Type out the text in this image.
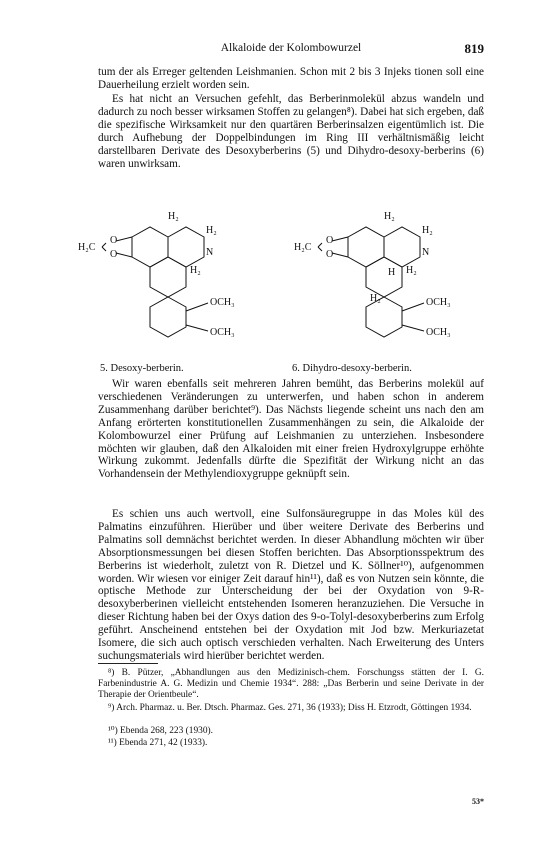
Alkaloide der Kolombowurzel	819

tum der als Erreger geltenden Leishmanien. Schon mit 2 bis 3 Injeks tionen soll eine Dauerheilung erzielt worden sein.

Es hat nicht an Versuchen gefehlt, das Berberinmolekül abzus wandeln und dadurch zu noch besser wirksamen Stoffen zu gelangen⁸). Dabei hat sich ergeben, daß die spezifische Wirksamkeit nur den quartären Berberinsalzen eigentümlich ist. Die durch Aufhebung der Doppelbindungen im Ring III verhältnismäßig leicht darstellbaren Derivate des Desoxyberberins (5) und Dihydro-desoxy-berberins (6) waren unwirksam.

O
O
H₂C
H₂
H₂
N
H₂
OCH₃
OCH₃
5. Desoxy-berberin.
O
O
H₂C
H₂
H₂
N
H H₂
H₂	OCH₃
OCH₃
6. Dihydro-desoxy-berberin.

Wir waren ebenfalls seit mehreren Jahren bemüht, das Berberins molekül auf verschiedenen Veränderungen zu unterwerfen, und haben schon in anderem Zusammenhang darüber berichtet⁹). Das Nächsts liegende scheint uns nach den am Anfang erörterten konstitutionellen Zusammenhängen zu sein, die Alkaloide der Kolombowurzel einer Prüfung auf Leishmanien zu unterziehen. Insbesondere möchten wir glauben, daß den Alkaloiden mit einer freien Hydroxylgruppe erhöhte Wirkung zukommt. Jedenfalls dürfte die Spezifität der Wirkung nicht an das Vorhandensein der Methylendioxygruppe geknüpft sein.

Es schien uns auch wertvoll, eine Sulfonsäuregruppe in das Moles kül des Palmatins einzuführen. Hierüber und über weitere Derivate des Berberins und Palmatins soll demnächst berichtet werden. In dieser Abhandlung möchten wir über Absorptionsmessungen bei diesen Stoffen berichten. Das Absorptionsspektrum des Berberins ist wiederholt, zuletzt von R. Dietzel und K. Söllner¹⁰), aufgenommen worden. Wir wiesen vor einiger Zeit darauf hin¹¹), daß es von Nutzen sein könnte, die optische Methode zur Unterscheidung der bei der Oxydation von 9-R-desoxyberberinen vielleicht entstehenden Isomeren heranzuziehen. Die Versuche in dieser Richtung haben bei der Oxys dation des 9-o-Tolyl-desoxyberberins zum Erfolg geführt. Anscheinend entstehen bei der Oxydation mit Jod bzw. Merkuriazetat Isomere, die sich auch optisch verschieden verhalten. Nach Erweiterung des Unters suchungsmaterials wird hierüber berichtet werden.

⁸) B. Pützer, „Abhandlungen aus den Medizinisch-chem. Forschungss stätten der I. G. Farbenindustrie A. G. Medizin und Chemie 1934“. 288: „Das Berberin und seine Derivate in der Therapie der Orientbeule“.

⁹) Arch. Pharmaz. u. Ber. Dtsch. Pharmaz. Ges. 271, 36 (1933); Diss H. Etzrodt, Göttingen 1934.

¹⁰) Ebenda 268, 223 (1930).

¹¹) Ebenda 271, 42 (1933).

53*
